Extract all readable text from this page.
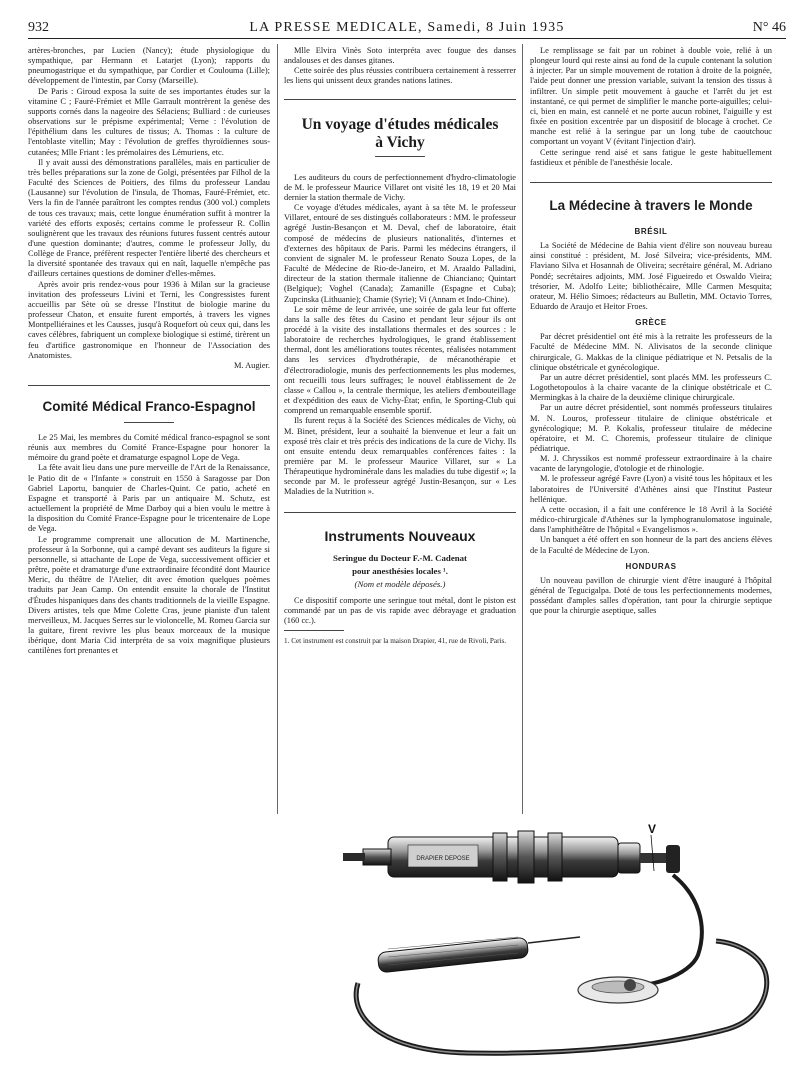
932	LA PRESSE MEDICALE, Samedi, 8 Juin 1935	N° 46

artères-bronches, par Lucien (Nancy); étude physiologique du sympathique, par Hermann et Latarjet (Lyon); rapports du pneumogastrique et du sympathique, par Cordier et Coulouma (Lille); développement de l'intestin, par Corsy (Marseille).

De Paris : Giroud exposa la suite de ses importantes études sur la vitamine C ; Fauré-Frémiet et Mlle Garrault montrèrent la genèse des supports cornés dans la nageoire des Sélaciens; Bulliard : de curieuses observations sur le prépisme expérimental; Verne : l'évolution de l'épithélium dans les cultures de tissus; A. Thomas : la culture de l'entoblaste vitellin; May : l'évolution de greffes thyroïdiennes sous-cutanées; Mlle Friant : les prémolaires des Lémuriens, etc.

Il y avait aussi des démonstrations parallèles, mais en particulier de très belles préparations sur la zone de Golgi, présentées par Filhol de la Faculté des Sciences de Poitiers, des films du professeur Landau (Lausanne) sur l'évolution de l'insula, de Thomas, Fauré-Frémiet, etc. Vers la fin de l'année paraîtront les comptes rendus (300 vol.) complets de tous ces travaux; mais, cette longue énumération suffit à montrer la variété des efforts exposés; certains comme le professeur R. Collin soulignèrent que les travaux des réunions futures fussent centrés autour d'une question dominante; d'autres, comme le professeur Jolly, du Collège de France, préfèrent respecter l'entière liberté des chercheurs et la diversité spontanée des travaux qui en naît, laquelle n'empêche pas d'ailleurs certaines questions de dominer d'elles-mêmes.

Après avoir pris rendez-vous pour 1936 à Milan sur la gracieuse invitation des professeurs Livini et Terni, les Congressistes furent accueillis par Sète où se dresse l'Institut de biologie marine du professeur Chaton, et ensuite furent emportés, à travers les vignes Montpelliéraines et les Causses, jusqu'à Roquefort où ceux qui, dans les caves célèbres, fabriquent un complexe biologique si estimé, tirèrent un feu d'artifice gastronomique en l'honneur de l'Association des Anatomistes.

M. Augier.
Comité Médical Franco-Espagnol

Le 25 Mai, les membres du Comité médical franco-espagnol se sont réunis aux membres du Comité France-Espagne pour honorer la mémoire du grand poète et dramaturge espagnol Lope de Vega.

La fête avait lieu dans une pure merveille de l'Art de la Renaissance, le Patio dit de « l'Infante » construit en 1550 à Saragosse par Don Gabriel Laportu, banquier de Charles-Quint. Ce patio, acheté en Espagne et transporté à Paris par un antiquaire M. Schutz, est actuellement la propriété de Mme Darboy qui a bien voulu le mettre à la disposition du Comité France-Espagne pour le tricentenaire de Lope de Vega.

Le programme comprenait une allocution de M. Martinenche, professeur à la Sorbonne, qui a campé devant ses auditeurs la figure si personnelle, si attachante de Lope de Vega, successivement officier et prêtre, poète et dramaturge d'une extraordinaire fécondité dont Maurice Meric, du théâtre de l'Atelier, dit avec émotion quelques poèmes traduits par Jean Camp. On entendit ensuite la chorale de l'Institut d'Études hispaniques dans des chants traditionnels de la vieille Espagne. Divers artistes, tels que Mme Colette Cras, jeune pianiste d'un talent merveilleux, M. Jacques Serres sur le violoncelle, M. Romeu Garcia sur la guitare, firent revivre les plus beaux morceaux de la musique ibérique, dont Maria Cid interpréta de sa voix magnifique plusieurs cantilènes fort prenantes et

Mlle Elvira Vinès Soto interpréta avec fougue des danses andalouses et des danses gitanes.

Cette soirée des plus réussies contribuera certainement à resserrer les liens qui unissent deux grandes nations latines.

Un voyage d'études médicales
à Vichy

Les auditeurs du cours de perfectionnement d'hydro-climatologie de M. le professeur Maurice Villaret ont visité les 18, 19 et 20 Mai dernier la station thermale de Vichy.

Ce voyage d'études médicales, ayant à sa tête M. le professeur Villaret, entouré de ses distingués collaborateurs : MM. le professeur agrégé Justin-Besançon et M. Deval, chef de laboratoire, était composé de médecins de plusieurs nationalités, d'internes et d'externes des hôpitaux de Paris. Parmi les médecins étrangers, il convient de signaler M. le professeur Renato Souza Lopes, de la Faculté de Médecine de Rio-de-Janeiro, et M. Araaldo Palladini, directeur de la station thermale italienne de Chianciano; Quintart (Belgique); Voghel (Canada); Zamanille (Espagne et Cuba); Zupcinska (Lithuanie); Chamie (Syrie); Vi (Annam et Indo-Chine).

Le soir même de leur arrivée, une soirée de gala leur fut offerte dans la salle des fêtes du Casino et pendant leur séjour ils ont procédé à la visite des installations thermales et des sources : le laboratoire de recherches hydrologiques, le grand établissement thermal, dont les améliorations toutes récentes, réalisées notamment dans les services d'hydrothérapie, de mécanothérapie et d'électroradiologie, munis des perfectionnements les plus modernes, ont recueilli tous leurs suffrages; le nouvel établissement de 2e classe « Callou », la centrale thermique, les ateliers d'embouteillage et d'expédition des eaux de Vichy-État; enfin, le Sporting-Club qui comprend un remarquable ensemble sportif.

Ils furent reçus à la Société des Sciences médicales de Vichy, où M. Binet, président, leur a souhaité la bienvenue et leur a fait un exposé très clair et très précis des indications de la cure de Vichy. Ils ont ensuite entendu deux remarquables conférences faites : la première par M. le professeur Maurice Villaret, sur « La Thérapeutique hydrominérale dans les maladies du tube digestif »; la seconde par M. le professeur agrégé Justin-Besançon, sur « Les Maladies de la Nutrition ».

Instruments Nouveaux
Seringue du Docteur F.-M. Cadenat
pour anesthésies locales ¹.
(Nom et modèle déposés.)

Ce dispositif comporte une seringue tout métal, dont le piston est commandé par un pas de vis rapide avec débrayage et graduation (160 cc.).

1. Cet instrument est construit par la maison Drapier, 41, rue de Rivoli, Paris.

Le remplissage se fait par un robinet à double voie, relié à un plongeur lourd qui reste ainsi au fond de la cupule contenant la solution à injecter. Par un simple mouvement de rotation à droite de la poignée, l'aide peut donner une pression variable, suivant la tension des tissus à infiltrer. Un simple petit mouvement à gauche et l'arrêt du jet est instantané, ce qui permet de simplifier le manche porte-aiguilles; celui-ci, bien en main, est cannelé et ne porte aucun robinet, l'aiguille y est fixée en position excentrée par un dispositif de blocage à crochet. Ce manche est relié à la seringue par un long tube de caoutchouc comportant un voyant V (évitant l'injection d'air).

Cette seringue rend aisé et sans fatigue le geste habituellement fastidieux et pénible de l'anesthésie locale.

La Médecine à travers le Monde
BRÉSIL

La Société de Médecine de Bahia vient d'élire son nouveau bureau ainsi constitué : président, M. José Silveira; vice-présidents, MM. Flaviano Silva et Hosannah de Oliveira; secrétaire général, M. Adriano Pondé; secrétaires adjoints, MM. José Figueiredo et Oswaldo Vieira; trésorier, M. Adolfo Leite; bibliothécaire, Mlle Carmen Mesquita; orateur, M. Hélio Simoes; rédacteurs au Bulletin, MM. Octavio Torres, Eduardo de Araujo et Heitor Froes.

GRÈCE

Par décret présidentiel ont été mis à la retraite les professeurs de la Faculté de Médecine MM. N. Alivisatos de la seconde clinique chirurgicale, G. Makkas de la clinique pédiatrique et N. Petsalis de la clinique obstétricale et gynécologique.

Par un autre décret présidentiel, sont placés MM. les professeurs C. Logothetopoulos à la chaire vacante de la clinique obstétricale et C. Mermingkas à la chaire de la deuxième clinique chirurgicale.

Par un autre décret présidentiel, sont nommés professeurs titulaires M. N. Louros, professeur titulaire de clinique obstétricale et gynécologique; M. P. Kokalis, professeur titulaire de médecine opératoire, et M. C. Choremis, professeur titulaire de clinique pédiatrique.

M. J. Chryssikos est nommé professeur extraordinaire à la chaire vacante de laryngologie, d'otologie et de rhinologie.

M. le professeur agrégé Favre (Lyon) a visité tous les hôpitaux et les laboratoires de l'Université d'Athènes ainsi que l'Institut Pasteur hellénique.

A cette occasion, il a fait une conférence le 18 Avril à la Société médico-chirurgicale d'Athènes sur la lymphogranulomatose inguinale, dans l'amphithéâtre de l'hôpital « Evangelismos ».

Un banquet a été offert en son honneur de la part des anciens élèves de la Faculté de Médecine de Lyon.

HONDURAS

Un nouveau pavillon de chirurgie vient d'être inauguré à l'hôpital général de Tegucigalpa. Doté de tous les perfectionnements modernes, possédant d'amples salles d'opération, tant pour la chirurgie septique que pour la chirurgie aseptique, salles

DRAPIER DEPOSE
V
